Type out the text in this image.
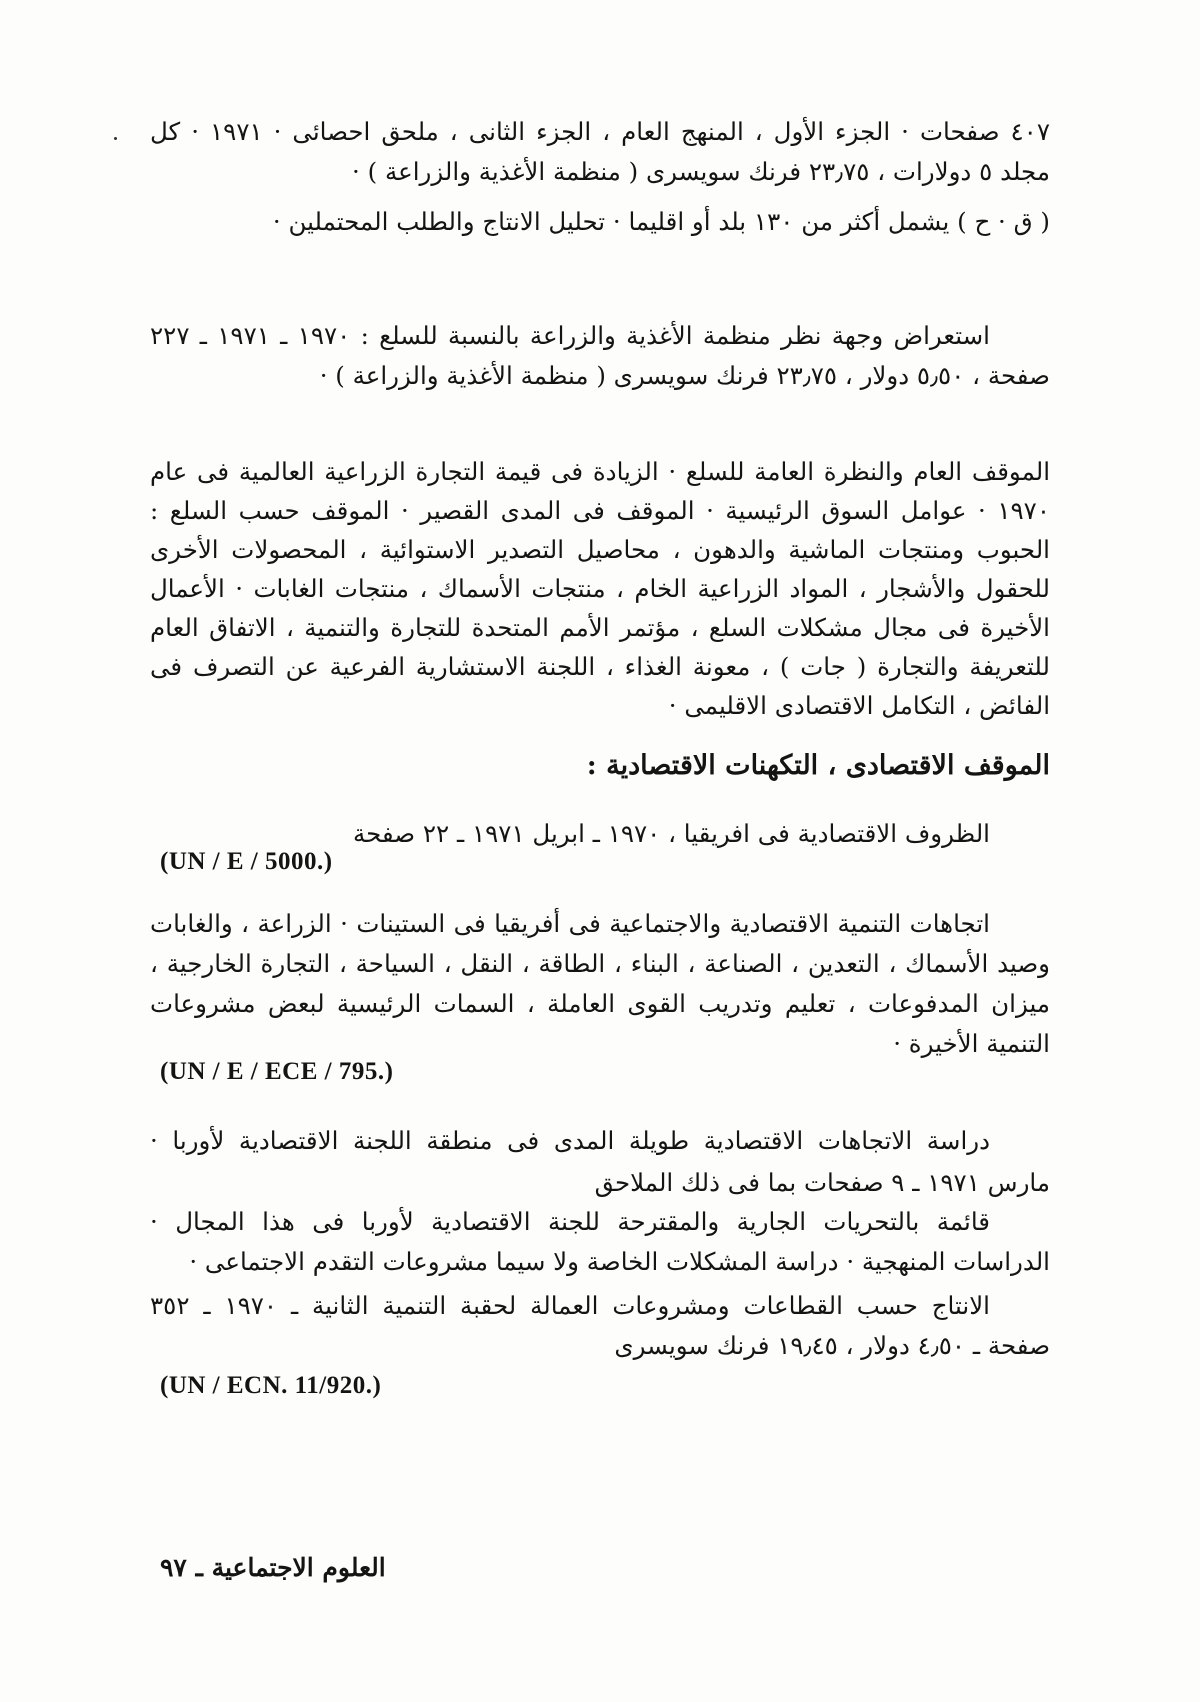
٤٠٧ صفحات · الجزء الأول ، المنهج العام ، الجزء الثانى ، ملحق احصائى · ١٩٧١ · كل مجلد ٥ دولارات ، ٢٣٫٧٥ فرنك سويسرى ( منظمة الأغذية والزراعة ) ·

( ق · ح ) يشمل أكثر من ١٣٠ بلد أو اقليما · تحليل الانتاج والطلب المحتملين ·

استعراض وجهة نظر منظمة الأغذية والزراعة بالنسبة للسلع : ١٩٧٠ ـ ١٩٧١ ـ ٢٢٧ صفحة ، ٥٫٥٠ دولار ، ٢٣٫٧٥ فرنك سويسرى ( منظمة الأغذية والزراعة ) ·

الموقف العام والنظرة العامة للسلع · الزيادة فى قيمة التجارة الزراعية العالمية فى عام ١٩٧٠ · عوامل السوق الرئيسية · الموقف فى المدى القصير · الموقف حسب السلع : الحبوب ومنتجات الماشية والدهون ، محاصيل التصدير الاستوائية ، المحصولات الأخرى للحقول والأشجار ، المواد الزراعية الخام ، منتجات الأسماك ، منتجات الغابات · الأعمال الأخيرة فى مجال مشكلات السلع ، مؤتمر الأمم المتحدة للتجارة والتنمية ، الاتفاق العام للتعريفة والتجارة ( جات ) ، معونة الغذاء ، اللجنة الاستشارية الفرعية عن التصرف فى الفائض ، التكامل الاقتصادى الاقليمى ·

الموقف الاقتصادى ، التكهنات الاقتصادية :

الظروف الاقتصادية فى افريقيا ، ١٩٧٠ ـ ابريل ١٩٧١ ـ ٢٢ صفحة

(UN / E / 5000.)

اتجاهات التنمية الاقتصادية والاجتماعية فى أفريقيا فى الستينات · الزراعة ، والغابات وصيد الأسماك ، التعدين ، الصناعة ، البناء ، الطاقة ، النقل ، السياحة ، التجارة الخارجية ، ميزان المدفوعات ، تعليم وتدريب القوى العاملة ، السمات الرئيسية لبعض مشروعات التنمية الأخيرة ·

(UN / E / ECE / 795.)

دراسة الاتجاهات الاقتصادية طويلة المدى فى منطقة اللجنة الاقتصادية لأوربا · مارس ١٩٧١ ـ ٩ صفحات بما فى ذلك الملاحق

قائمة بالتحريات الجارية والمقترحة للجنة الاقتصادية لأوربا فى هذا المجال · الدراسات المنهجية · دراسة المشكلات الخاصة ولا سيما مشروعات التقدم الاجتماعى ·

الانتاج حسب القطاعات ومشروعات العمالة لحقبة التنمية الثانية ـ ١٩٧٠ ـ ٣٥٢ صفحة ـ ٤٫٥٠ دولار ، ١٩٫٤٥ فرنك سويسرى

(UN / ECN. 11/920.)
العلوم الاجتماعية ـ ٩٧
